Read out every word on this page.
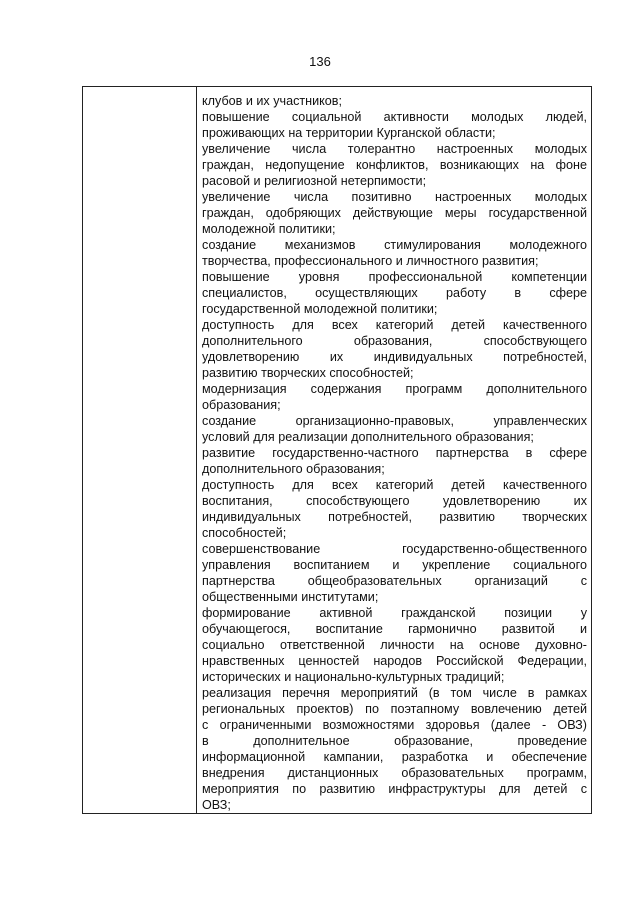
136
клубов и их участников;
повышение социальной активности молодых людей,
проживающих на территории Курганской области;
увеличение числа толерантно настроенных молодых
граждан, недопущение конфликтов, возникающих на фоне
расовой и религиозной нетерпимости;
увеличение числа позитивно настроенных молодых
граждан, одобряющих действующие меры государственной
молодежной политики;
создание механизмов стимулирования молодежного
творчества, профессионального и личностного развития;
повышение уровня профессиональной компетенции
специалистов, осуществляющих работу в сфере
государственной молодежной политики;
доступность для всех категорий детей качественного
дополнительного образования, способствующего
удовлетворению их индивидуальных потребностей,
развитию творческих способностей;
модернизация содержания программ дополнительного
образования;
создание организационно-правовых, управленческих
условий для реализации дополнительного образования;
развитие государственно-частного партнерства в сфере
дополнительного образования;
доступность для всех категорий детей качественного
воспитания, способствующего удовлетворению их
индивидуальных потребностей, развитию творческих
способностей;
совершенствование государственно-общественного
управления воспитанием и укрепление социального
партнерства общеобразовательных организаций с
общественными институтами;
формирование активной гражданской позиции у
обучающегося, воспитание гармонично развитой и
социально ответственной личности на основе духовно-
нравственных ценностей народов Российской Федерации,
исторических и национально-культурных традиций;
реализация перечня мероприятий (в том числе в рамках
региональных проектов) по поэтапному вовлечению детей
с ограниченными возможностями здоровья (далее - ОВЗ)
в дополнительное образование, проведение
информационной кампании, разработка и обеспечение
внедрения дистанционных образовательных программ,
мероприятия по развитию инфраструктуры для детей с
ОВЗ;
